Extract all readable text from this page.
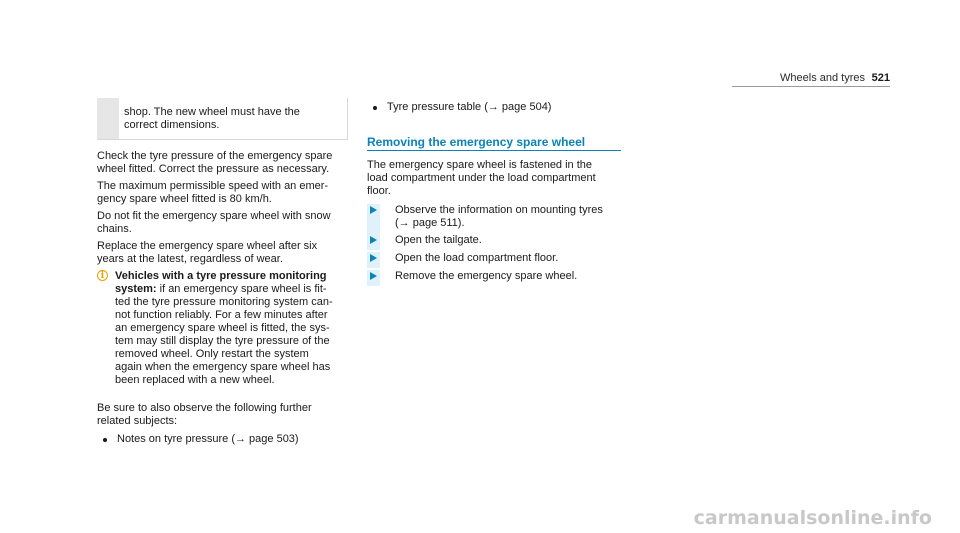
Wheels and tyres 521

shop. The new wheel must have the

correct dimensions.

Check the tyre pressure of the emergency spare

wheel fitted. Correct the pressure as necessary.

The maximum permissible speed with an emer-

gency spare wheel fitted is 80 km/h.

Do not fit the emergency spare wheel with snow

chains.

Replace the emergency spare wheel after six

years at the latest, regardless of wear.

i Vehicles with a tyre pressure monitoring

system: if an emergency spare wheel is fit-

ted the tyre pressure monitoring system can-

not function reliably. For a few minutes after

an emergency spare wheel is fitted, the sys-

tem may still display the tyre pressure of the

removed wheel. Only restart the system

again when the emergency spare wheel has

been replaced with a new wheel.

Be sure to also observe the following further

related subjects:

Notes on tyre pressure (→ page 503)
Tyre pressure table (→ page 504)
Removing the emergency spare wheel

The emergency spare wheel is fastened in the

load compartment under the load compartment

floor.

Observe the information on mounting tyres

(→ page 511).

Open the tailgate.

Open the load compartment floor.

Remove the emergency spare wheel.

carmanualsonline.info
